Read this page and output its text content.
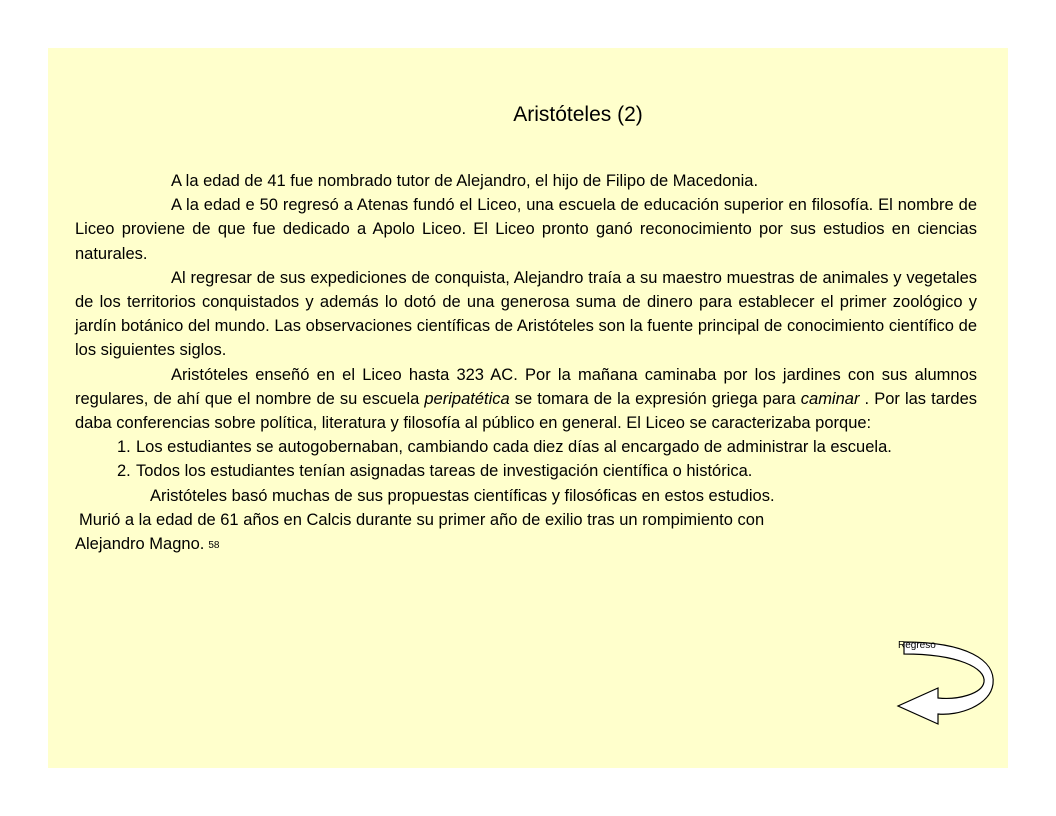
Aristóteles (2)

A la edad de 41 fue nombrado tutor de Alejandro, el hijo de Filipo de Macedonia.

A la edad e 50 regresó a Atenas fundó el Liceo, una escuela de educación superior en filosofía. El nombre de Liceo proviene de que fue dedicado a Apolo Liceo. El Liceo pronto ganó reconocimiento por sus estudios en ciencias naturales.

Al regresar de sus expediciones de conquista, Alejandro traía a su maestro muestras de animales y vegetales de los territorios conquistados y además lo dotó de una generosa suma de dinero para establecer el primer zoológico y jardín botánico del mundo. Las observaciones científicas de Aristóteles son la fuente principal de conocimiento científico de los siguientes siglos.

Aristóteles enseñó en el Liceo hasta 323 AC. Por la mañana caminaba por los jardines con sus alumnos regulares, de ahí que el nombre de su escuela peripatética se tomara de la expresión griega para caminar . Por las tardes daba conferencias sobre política, literatura y filosofía al público en general. El Liceo se caracterizaba porque:

1. Los estudiantes se autogobernaban, cambiando cada diez días al encargado de administrar la escuela.
2. Todos los estudiantes tenían asignadas tareas de investigación científica o histórica.

Aristóteles basó muchas de sus propuestas científicas y filosóficas en estos estudios.

Murió a la edad de 61 años en Calcis durante su primer año de exilio tras un rompimiento con
Alejandro Magno. 58

Regreso
